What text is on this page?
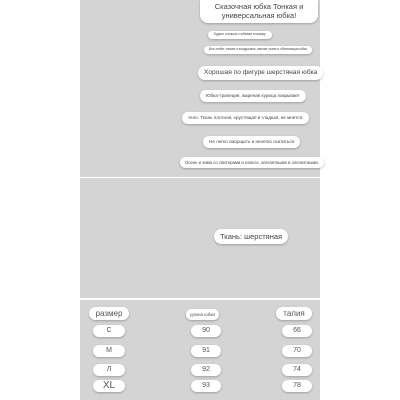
Сказочная юбка Тонкая и универсальная юбка!
Будьте стильны с юбками в шкафу
Все любят тонкие и воздушные, мягкие ткани и облегающая юбка
Хорошая по фигуре шерстяная юбка
Юбка-трапеция, жареная курица покрывает
тело. Ткань плотная, хрустящая и гладкая, не мнется.
Не легко сморщить и нелегко скатиться
Осень и зима со свитерами и пальто, элегантными и элегантными.
Ткань: шерстяная
размер	длина юбки	талия
С	90	66
М	91	70
Л	92	74
XL	93	78
